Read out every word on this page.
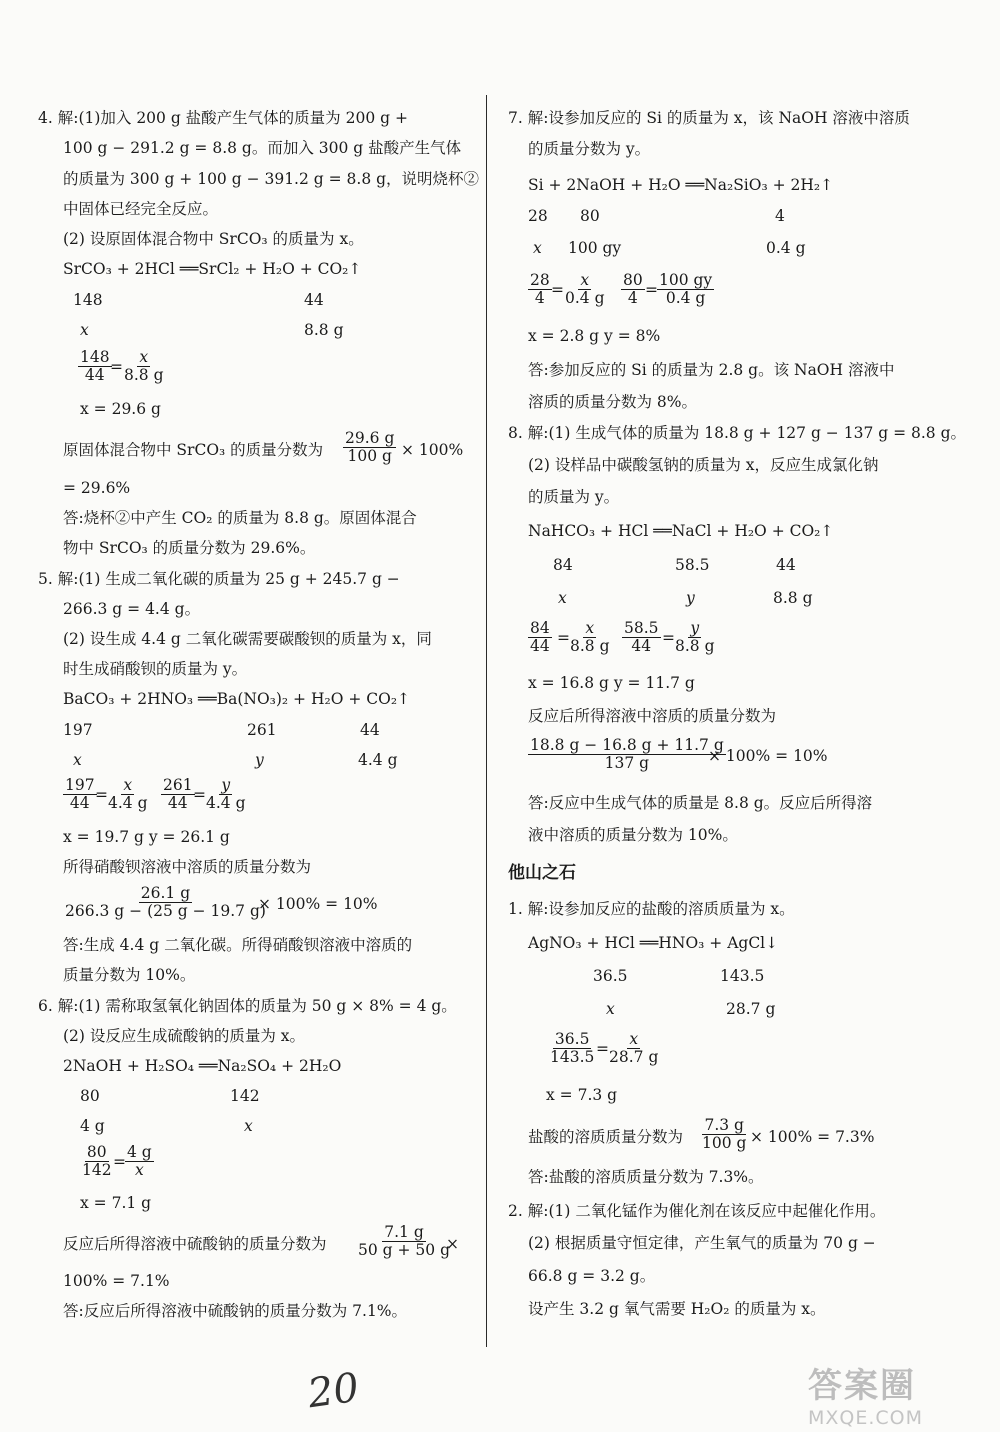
4. 解:(1)加入 200 g 盐酸产生气体的质量为 200 g +
100 g − 291.2 g = 8.8 g。而加入 300 g 盐酸产生气体
的质量为 300 g + 100 g − 391.2 g = 8.8 g，说明烧杯②
中固体已经完全反应。
(2) 设原固体混合物中 SrCO₃ 的质量为 x。
SrCO₃ + 2HCl ══SrCl₂ + H₂O + CO₂↑
148	44
x	8.8 g
$\frac{148}{44}$
= $\frac{x}{8.8 g}$
x = 29.6 g
原固体混合物中 SrCO₃ 的质量分数为 $\frac{29.6 g}{100 g} \times 100\%$
= 29.6%
答:烧杯②中产生 CO₂ 的质量为 8.8 g。原固体混合
物中 SrCO₃ 的质量分数为 29.6%。
5. 解:(1) 生成二氧化碳的质量为 25 g + 245.7 g −
266.3 g = 4.4 g。
(2) 设生成 4.4 g 二氧化碳需要碳酸钡的质量为 x，同
时生成硝酸钡的质量为 y。
BaCO₃ + 2HNO₃ ══Ba(NO₃)₂ + H₂O + CO₂↑
197	261	44
x	y	4.4 g
$\frac{197}{44}$
=
$\frac{x}{4.4 g} \frac{261}{44}$
=
$\frac{y}{4.4 g}$
x = 19.7 g y = 26.1 g
所得硝酸钡溶液中溶质的质量分数为
$\frac{26.1 g}{266.3 g - (25 g - 19.7 g)}$
× 100% = 10%
答:生成 4.4 g 二氧化碳。所得硝酸钡溶液中溶质的
质量分数为 10%。
6. 解:(1) 需称取氢氧化钠固体的质量为 50 g × 8% = 4 g。
(2) 设反应生成硫酸钠的质量为 x。
2NaOH + H₂SO₄ ══Na₂SO₄ + 2H₂O
80	142
4 g	x
$\frac{80}{142} = \frac{4 g}{x}$
x = 7.1 g
反应后所得溶液中硫酸钠的质量分数为 $\frac{7.1 g}{50 g + 50 g}$
×
100% = 7.1%
答:反应后所得溶液中硫酸钠的质量分数为 7.1%。
7. 解:设参加反应的 Si 的质量为 x，该 NaOH 溶液中溶质
的质量分数为 y。
Si + 2NaOH + H₂O ══Na₂SiO₃ + 2H₂↑
28 80	4
x 100 gy	0.4 g
$\frac{28}{4} = \frac{x}{0.4 g} \frac{80}{4} = \frac{100 gy}{0.4 g}$
x = 2.8 g y = 8%
答:参加反应的 Si 的质量为 2.8 g。该 NaOH 溶液中
溶质的质量分数为 8%。
8. 解:(1) 生成气体的质量为 18.8 g + 127 g − 137 g = 8.8 g。
(2) 设样品中碳酸氢钠的质量为 x，反应生成氯化钠
的质量为 y。
NaHCO₃ + HCl ══NaCl + H₂O + CO₂↑
84	58.5	44
x	y	8.8 g
$\frac{84}{44}$ =
$\frac{x}{8.8 g} \frac{58.5}{44}$ =
$\frac{y}{8.8 g}$
x = 16.8 g y = 11.7 g
反应后所得溶液中溶质的质量分数为
$\frac{18.8 g - 16.8 g + 11.7 g}{137 g}$
× 100% = 10%
答:反应中生成气体的质量是 8.8 g。反应后所得溶
液中溶质的质量分数为 10%。
他山之石
1. 解:设参加反应的盐酸的溶质质量为 x。
AgNO₃ + HCl ══HNO₃ + AgCl↓
36.5	143.5
x	28.7 g
$\frac{36.5}{143.5}$ =
$\frac{x}{28.7 g}$
x = 7.3 g
盐酸的溶质质量分数为 $\frac{7.3 g}{100 g} \times 100\% = 7.3\%$
答:盐酸的溶质质量分数为 7.3%。
2. 解:(1) 二氧化锰作为催化剂在该反应中起催化作用。
(2) 根据质量守恒定律，产生氧气的质量为 70 g −
66.8 g = 3.2 g。
设产生 3.2 g 氧气需要 H₂O₂ 的质量为 x。
20	答案圈
MXQE.COM
